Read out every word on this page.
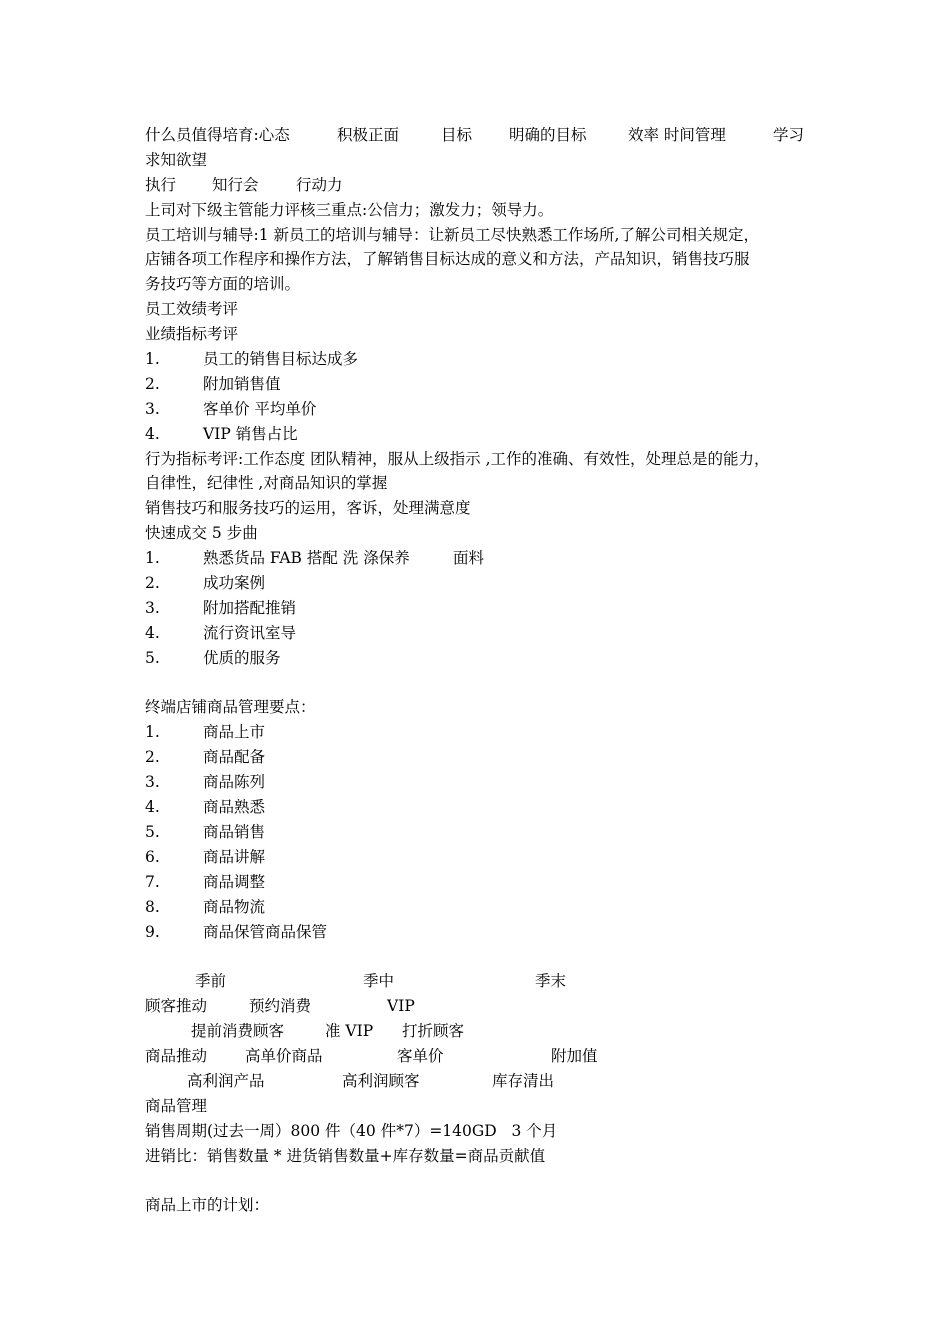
什么员值得培育:心态	积极正面	目标 明确的目标	效率 时间管理	学习
求知欲望
执行 知行会 行动力
上司对下级主管能力评核三重点:公信力；激发力；领导力。
员工培训与辅导:1 新员工的培训与辅导：让新员工尽快熟悉工作场所,了解公司相关规定，
店铺各项工作程序和操作方法，了解销售目标达成的意义和方法，产品知识，销售技巧服
务技巧等方面的培训。
员工效绩考评
业绩指标考评
1.	员工的销售目标达成多
2.	附加销售值
3.	客单价 平均单价
4.	VIP 销售占比
行为指标考评:工作态度 团队精神，服从上级指示 ,工作的准确、有效性，处理总是的能力，
自律性，纪律性 ,对商品知识的掌握
销售技巧和服务技巧的运用，客诉，处理满意度
快速成交 5 步曲
1.	熟悉货品 FAB 搭配 洗 涤保养	面料
2.	成功案例
3.	附加搭配推销
4.	流行资讯室导
5.	优质的服务
终端店铺商品管理要点：
1.	商品上市
2.	商品配备
3.	商品陈列
4.	商品熟悉
5.	商品销售
6.	商品讲解
7.	商品调整
8.	商品物流
9.	商品保管商品保管
季前	季中	季末
顾客推动	预约消费	VIP
提前消费顾客	准 VIP 打折顾客
商品推动 高单价商品	客单价	附加值
高利润产品	高利润顾客	库存清出
商品管理
销售周期(过去一周）800 件（40 件*7）=140GD   3 个月
进销比：销售数量 * 进货销售数量+库存数量=商品贡献值
商品上市的计划：
